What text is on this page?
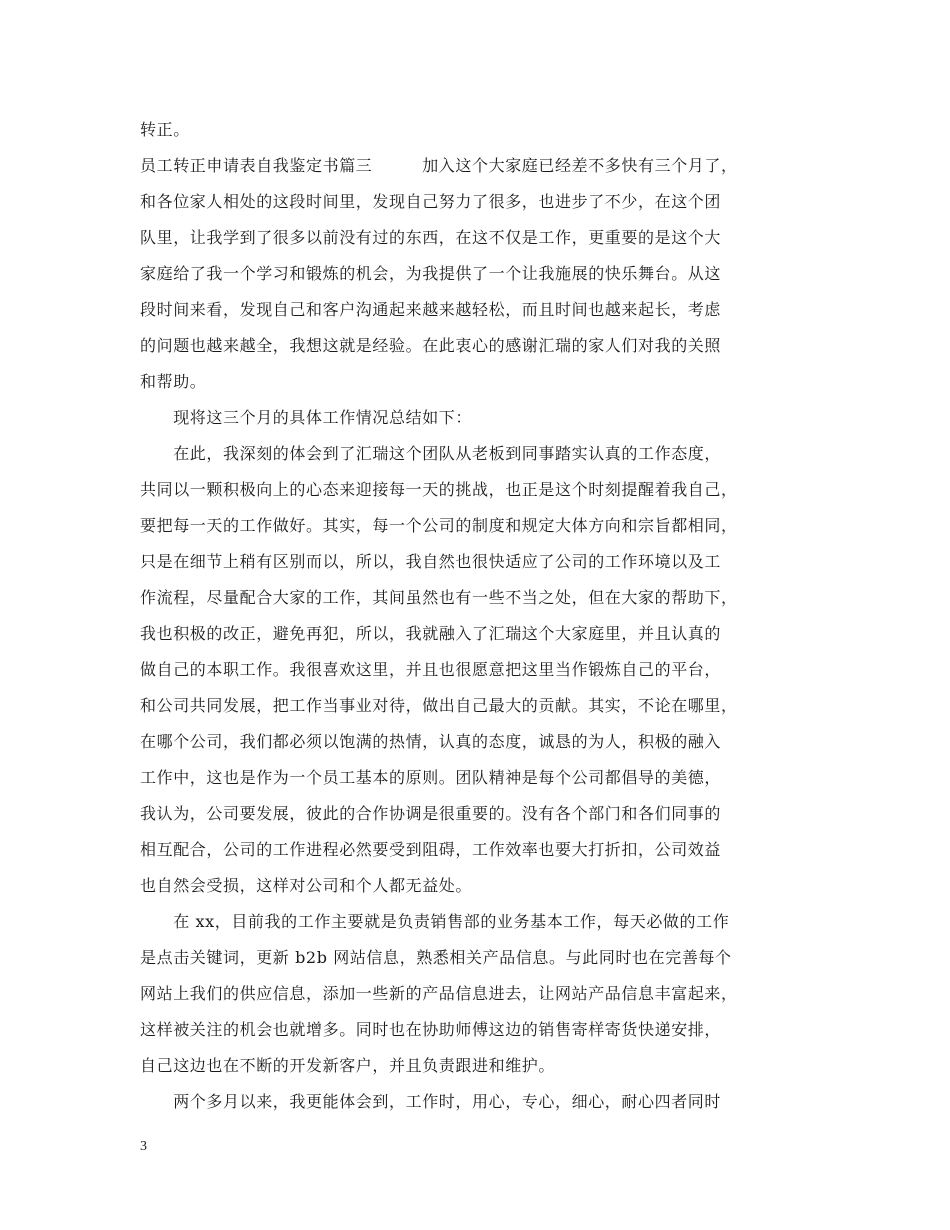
转正。
员工转正申请表自我鉴定书篇三　　　加入这个大家庭已经差不多快有三个月了，
和各位家人相处的这段时间里，发现自己努力了很多，也进步了不少，在这个团
队里，让我学到了很多以前没有过的东西，在这不仅是工作，更重要的是这个大
家庭给了我一个学习和锻炼的机会，为我提供了一个让我施展的快乐舞台。从这
段时间来看，发现自己和客户沟通起来越来越轻松，而且时间也越来起长，考虑
的问题也越来越全，我想这就是经验。在此衷心的感谢汇瑞的家人们对我的关照
和帮助。
　　现将这三个月的具体工作情况总结如下：
　　在此，我深刻的体会到了汇瑞这个团队从老板到同事踏实认真的工作态度，
共同以一颗积极向上的心态来迎接每一天的挑战，也正是这个时刻提醒着我自己，
要把每一天的工作做好。其实，每一个公司的制度和规定大体方向和宗旨都相同，
只是在细节上稍有区别而以，所以，我自然也很快适应了公司的工作环境以及工
作流程，尽量配合大家的工作，其间虽然也有一些不当之处，但在大家的帮助下，
我也积极的改正，避免再犯，所以，我就融入了汇瑞这个大家庭里，并且认真的
做自己的本职工作。我很喜欢这里，并且也很愿意把这里当作锻炼自己的平台，
和公司共同发展，把工作当事业对待，做出自己最大的贡献。其实，不论在哪里，
在哪个公司，我们都必须以饱满的热情，认真的态度，诚恳的为人，积极的融入
工作中，这也是作为一个员工基本的原则。团队精神是每个公司都倡导的美德，
我认为，公司要发展，彼此的合作协调是很重要的。没有各个部门和各们同事的
相互配合，公司的工作进程必然要受到阻碍，工作效率也要大打折扣，公司效益
也自然会受损，这样对公司和个人都无益处。
　　在 xx，目前我的工作主要就是负责销售部的业务基本工作，每天必做的工作
是点击关键词，更新 b2b 网站信息，熟悉相关产品信息。与此同时也在完善每个
网站上我们的供应信息，添加一些新的产品信息进去，让网站产品信息丰富起来，
这样被关注的机会也就增多。同时也在协助师傅这边的销售寄样寄货快递安排，
自己这边也在不断的开发新客户，并且负责跟进和维护。
　　两个多月以来，我更能体会到，工作时，用心，专心，细心，耐心四者同时
3
